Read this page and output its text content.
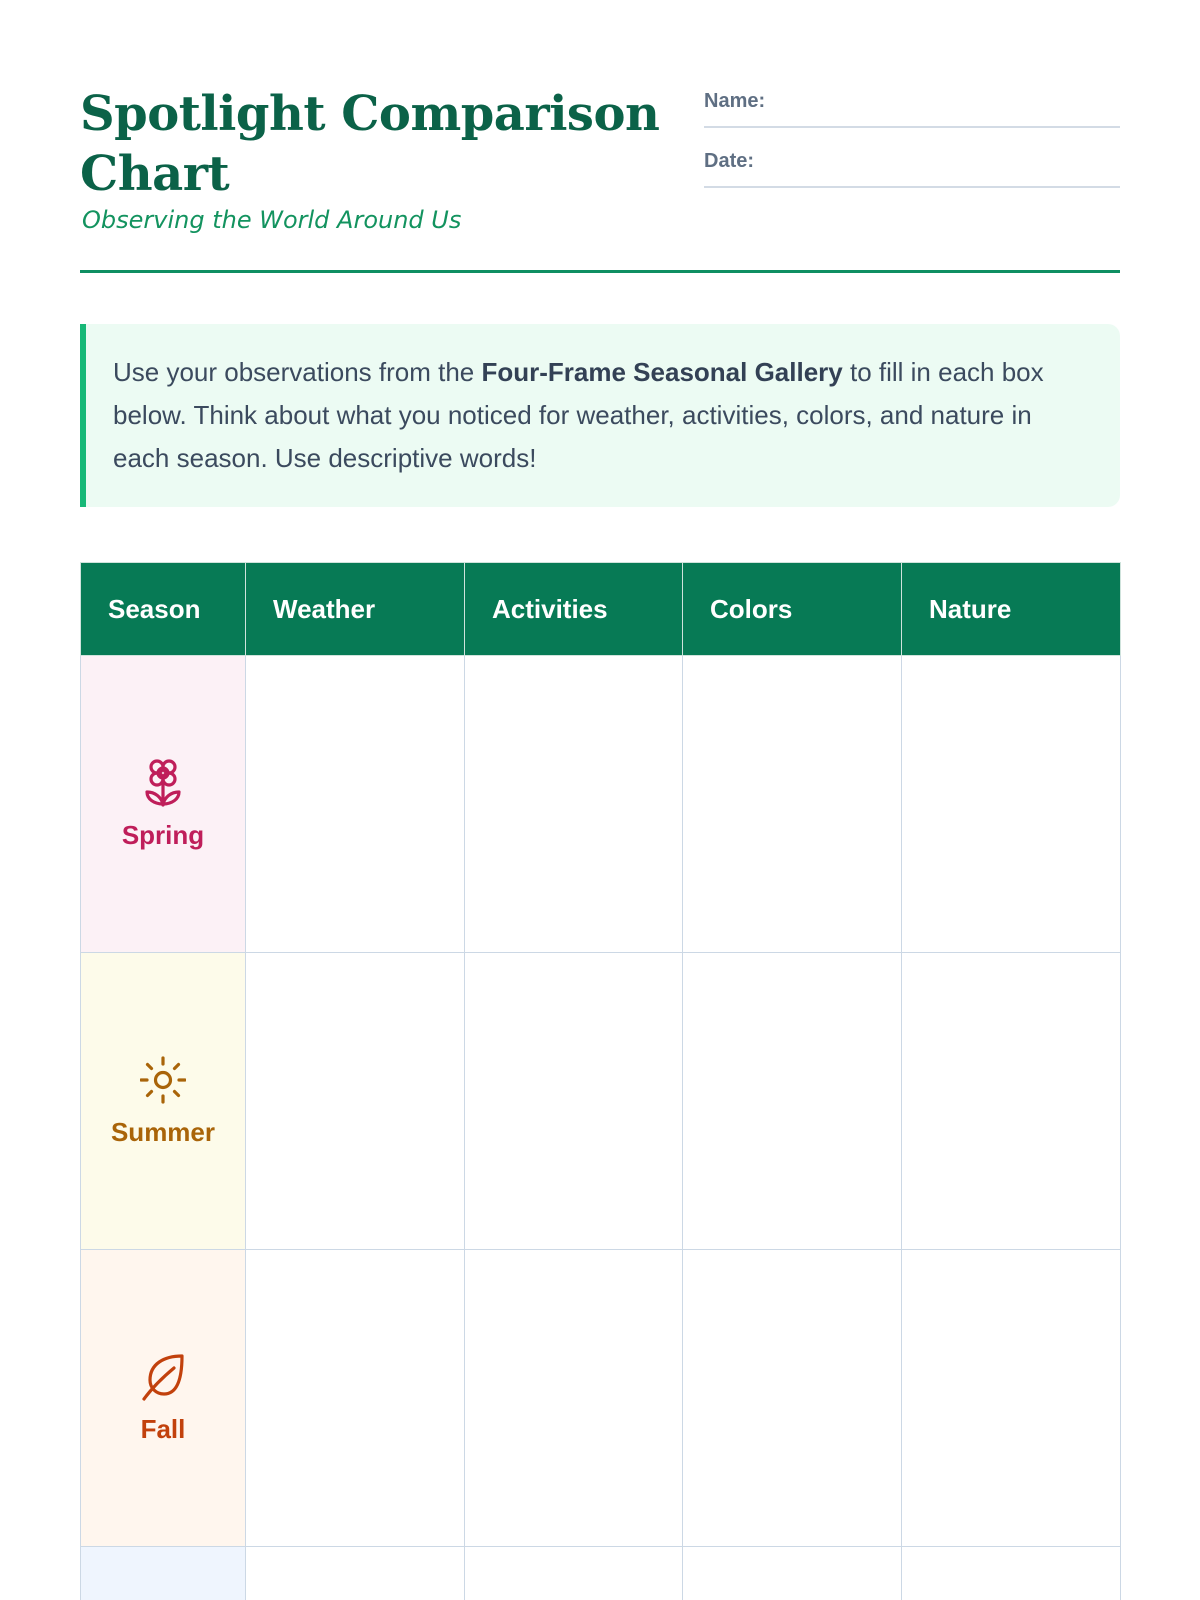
Spotlight Comparison Chart

Observing the World Around Us

Name:
Date:
Use your observations from the Four-Frame Seasonal Gallery to fill in each box below. Think about what you noticed for weather, activities, colors, and nature in each season. Use descriptive words!
Season	Weather	Activities	Colors	Nature

Spring				

Summer				

Fall				
